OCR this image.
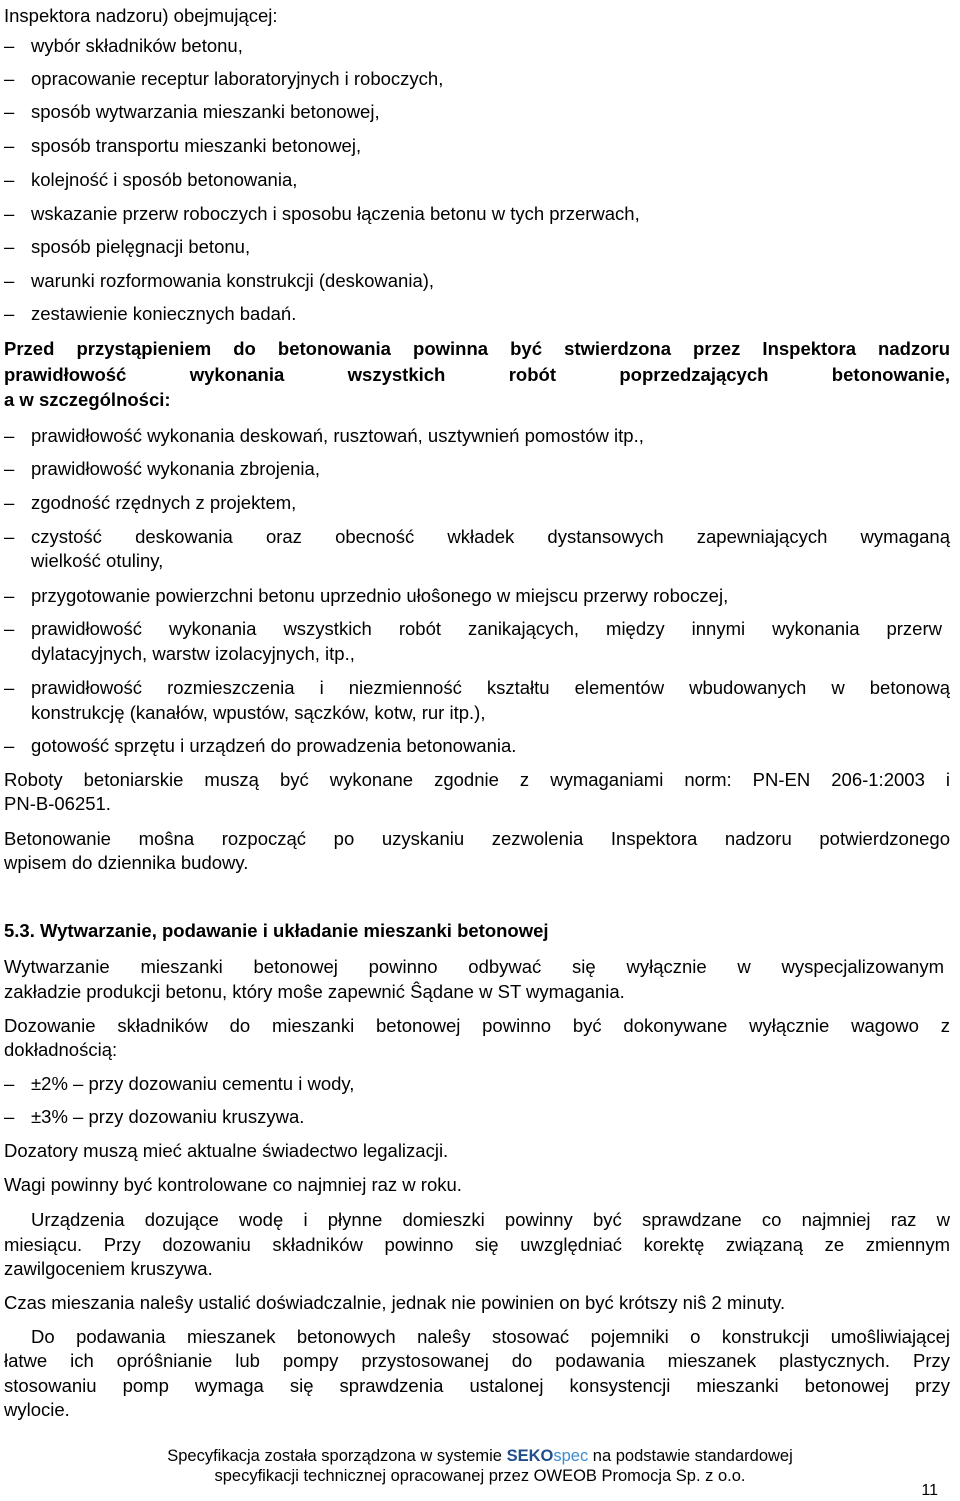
Inspektora nadzoru) obejmującej:
– wybór składników betonu,
– opracowanie receptur laboratoryjnych i roboczych,
– sposób wytwarzania mieszanki betonowej,
– sposób transportu mieszanki betonowej,
– kolejność i sposób betonowania,
– wskazanie przerw roboczych i sposobu łączenia betonu w tych przerwach,
– sposób pielęgnacji betonu,
– warunki rozformowania konstrukcji (deskowania),
– zestawienie koniecznych badań.
Przed przystąpieniem do betonowania powinna być stwierdzona przez Inspektora nadzoru
prawidłowość wykonania wszystkich robót poprzedzających betonowanie,
a w szczególności:
– prawidłowość wykonania deskowań, rusztowań, usztywnień pomostów itp.,
– prawidłowość wykonania zbrojenia,
– zgodność rzędnych z projektem,
– czystość deskowania oraz obecność wkładek dystansowych zapewniających wymaganą
wielkość otuliny,
– przygotowanie powierzchni betonu uprzednio ułoŝonego w miejscu przerwy roboczej,
– prawidłowość wykonania wszystkich robót zanikających, między innymi wykonania przerw
dylatacyjnych, warstw izolacyjnych, itp.,
– prawidłowość rozmieszczenia i niezmienność kształtu elementów wbudowanych w betonową
konstrukcję (kanałów, wpustów, sączków, kotw, rur itp.),
– gotowość sprzętu i urządzeń do prowadzenia betonowania.
Roboty betoniarskie muszą być wykonane zgodnie z wymaganiami norm: PN-EN 206-1:2003 i
PN-B-06251.
Betonowanie moŝna rozpocząć po uzyskaniu zezwolenia Inspektora nadzoru potwierdzonego
wpisem do dziennika budowy.
5.3. Wytwarzanie, podawanie i układanie mieszanki betonowej
Wytwarzanie mieszanki betonowej powinno odbywać się wyłącznie w wyspecjalizowanym
zakładzie produkcji betonu, który moŝe zapewnić Ŝądane w ST wymagania.
Dozowanie składników do mieszanki betonowej powinno być dokonywane wyłącznie wagowo z
dokładnością:
– ±2% – przy dozowaniu cementu i wody,
– ±3% – przy dozowaniu kruszywa.
Dozatory muszą mieć aktualne świadectwo legalizacji.
Wagi powinny być kontrolowane co najmniej raz w roku.
Urządzenia dozujące wodę i płynne domieszki powinny być sprawdzane co najmniej raz w
miesiącu. Przy dozowaniu składników powinno się uwzględniać korektę związaną ze zmiennym
zawilgoceniem kruszywa.
Czas mieszania naleŝy ustalić doświadczalnie, jednak nie powinien on być krótszy niŝ 2 minuty.
Do podawania mieszanek betonowych naleŝy stosować pojemniki o konstrukcji umoŝliwiającej
łatwe ich opróŝnianie lub pompy przystosowanej do podawania mieszanek plastycznych. Przy
stosowaniu pomp wymaga się sprawdzenia ustalonej konsystencji mieszanki betonowej przy
wylocie.
Specyfikacja została sporządzona w systemie SEKOspec na podstawie standardowej
specyfikacji technicznej opracowanej przez OWEOB Promocja Sp. z o.o.
11
